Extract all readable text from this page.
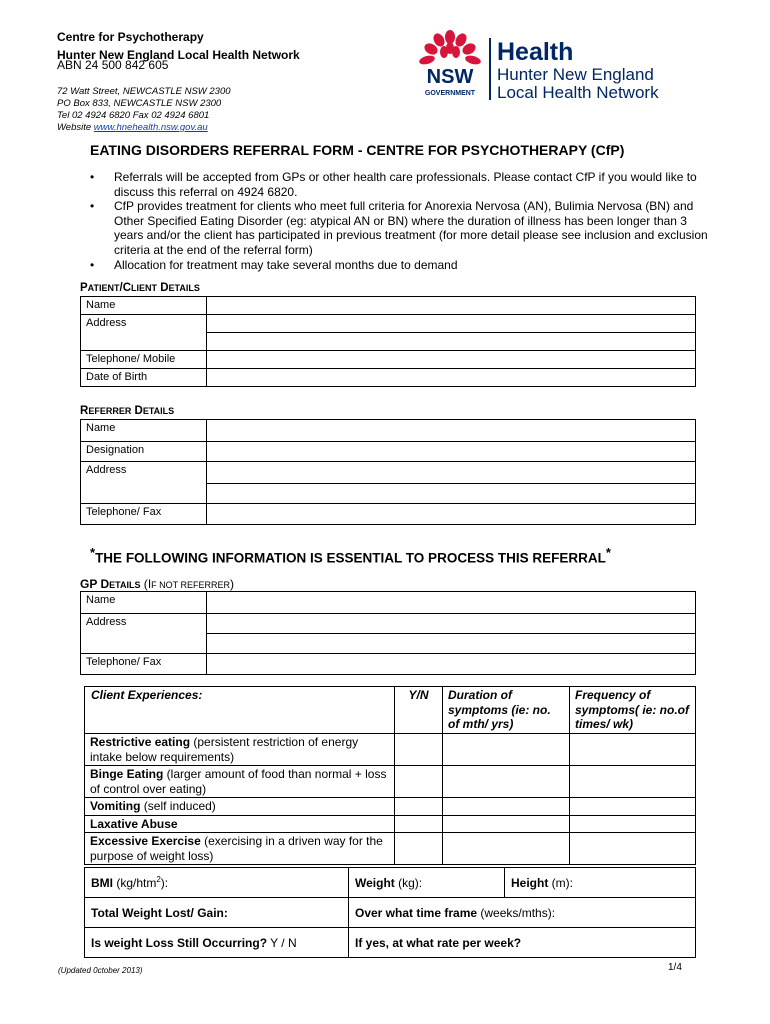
Centre for Psychotherapy
Hunter New England Local Health Network
ABN 24 500 842 605
72 Watt Street, NEWCASTLE NSW 2300
PO Box 833, NEWCASTLE NSW 2300
Tel 02 4924 6820 Fax 02 4924 6801
Website www.hnehealth.nsw.gov.au
NSW
GOVERNMENT
Health
Hunter New England
Local Health Network
EATING DISORDERS REFERRAL FORM - CENTRE FOR PSYCHOTHERAPY (CfP)
• Referrals will be accepted from GPs or other health care professionals. Please contact CfP if you would like to discuss this referral on 4924 6820.
• CfP provides treatment for clients who meet full criteria for Anorexia Nervosa (AN), Bulimia Nervosa (BN) and Other Specified Eating Disorder (eg: atypical AN or BN) where the duration of illness has been longer than 3 years and/or the client has participated in previous treatment (for more detail please see inclusion and exclusion criteria at the end of the referral form)
• Allocation for treatment may take several months due to demand
PATIENT/CLIENT DETAILS
Name	
Address	

Telephone/ Mobile	
Date of Birth	
REFERRER DETAILS
Name	
Designation	
Address	

Telephone/ Fax	
*THE FOLLOWING INFORMATION IS ESSENTIAL TO PROCESS THIS REFERRAL*
GP DETAILS (IF NOT REFERRER)
Name	
Address	

Telephone/ Fax	
Client Experiences:	Y/N	Duration of symptoms (ie: no. of mth/ yrs)	Frequency of symptoms( ie: no.of times/ wk)
Restrictive eating (persistent restriction of energy intake below requirements)			
Binge Eating (larger amount of food than normal + loss of control over eating)			
Vomiting (self induced)			
Laxative Abuse			
Excessive Exercise (exercising in a driven way for the purpose of weight loss)			
BMI (kg/htm$^2$):	Weight (kg):	Height (m):
Total Weight Lost/ Gain:	Over what time frame (weeks/mths):	
Is weight Loss Still Occurring? Y / N	If yes, at what rate per week?	
(Updated 0ctober 2013)	1/4
